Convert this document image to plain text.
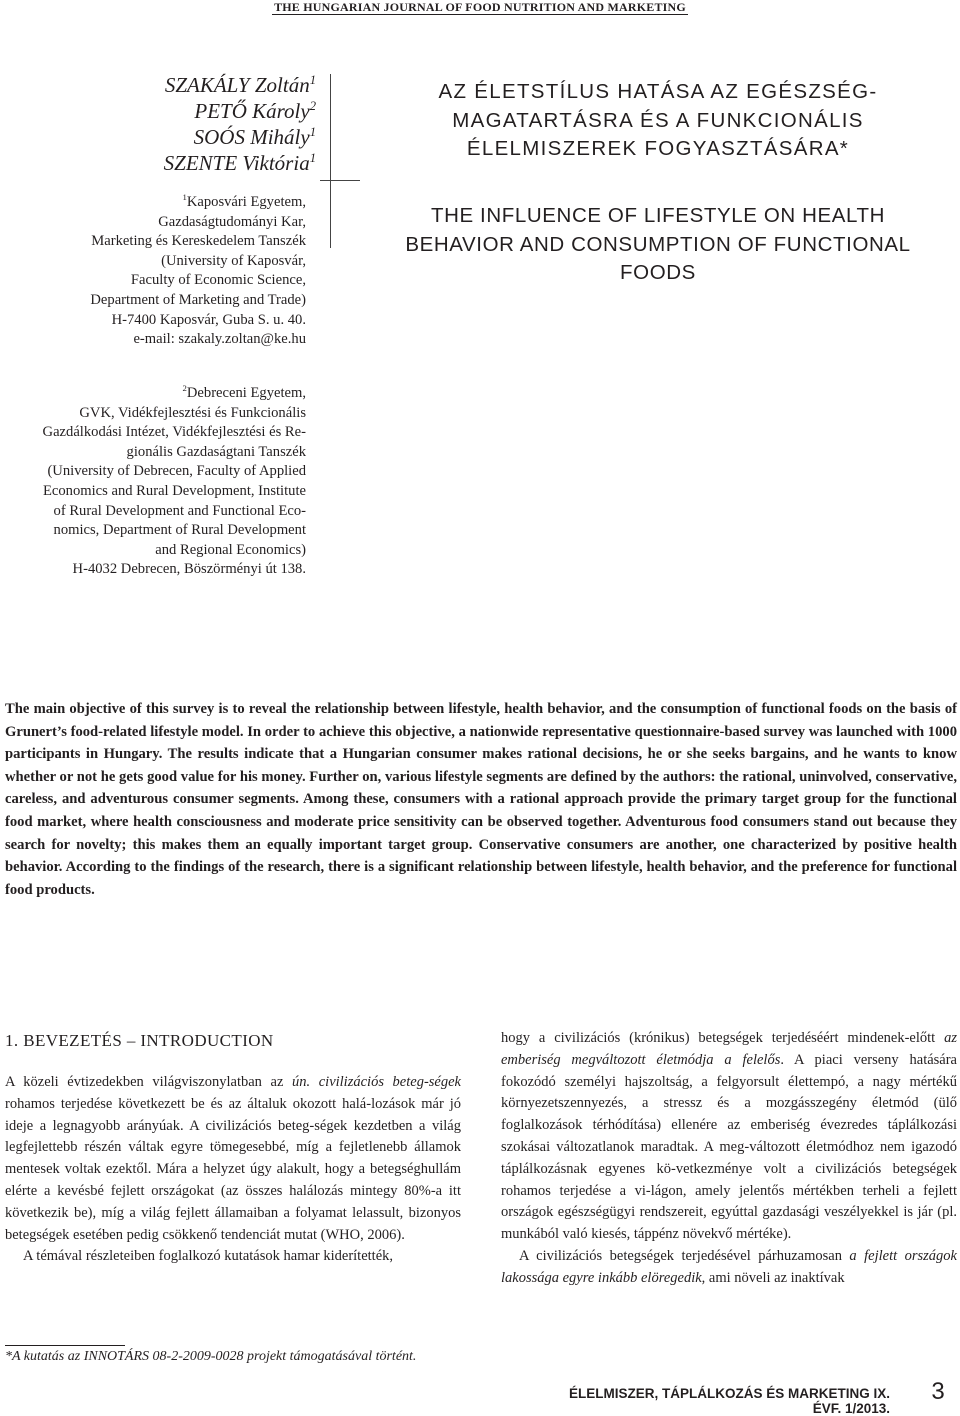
THE HUNGARIAN JOURNAL OF FOOD NUTRITION AND MARKETING
SZAKÁLY Zoltán$^1$
PETŐ Károly$^2$
SOÓS Mihály$^1$
SZENTE Viktória$^1$
$^1$Kaposvári Egyetem,
Gazdaságtudományi Kar,
Marketing és Kereskedelem Tanszék
(University of Kaposvár,
Faculty of Economic Science,
Department of Marketing and Trade)
H-7400 Kaposvár, Guba S. u. 40.
e-mail: szakaly.zoltan@ke.hu
$^2$Debreceni Egyetem,
GVK, Vidékfejlesztési és Funkcionális
Gazdálkodási Intézet, Vidékfejlesztési és Re-
gionális Gazdaságtani Tanszék
(University of Debrecen, Faculty of Applied
Economics and Rural Development, Institute
of Rural Development and Functional Eco-
nomics, Department of Rural Development
and Regional Economics)
H-4032 Debrecen, Böszörményi út 138.
AZ ÉLETSTÍLUS HATÁSA AZ EGÉSZSÉG-
MAGATARTÁSRA ÉS A FUNKCIONÁLIS
ÉLELMISZEREK FOGYASZTÁSÁRA*
THE INFLUENCE OF LIFESTYLE ON HEALTH
BEHAVIOR AND CONSUMPTION OF FUNCTIONAL
FOODS
The main objective of this survey is to reveal the relationship between lifestyle, health behavior, and the consumption of functional foods on the basis of Grunert’s food-related lifestyle model. In order to achieve this objective, a nationwide representative questionnaire-based survey was launched with 1000 participants in Hungary. The results indicate that a Hungarian consumer makes rational decisions, he or she seeks bargains, and he wants to know whether or not he gets good value for his money. Further on, various lifestyle segments are defined by the authors: the rational, uninvolved, conservative, careless, and adventurous consumer segments. Among these, consumers with a rational approach provide the primary target group for the functional food market, where health consciousness and moderate price sensitivity can be observed together. Adventurous food consumers stand out because they search for novelty; this makes them an equally important target group. Conservative consumers are another, one characterized by positive health behavior. According to the findings of the research, there is a significant relationship between lifestyle, health behavior, and the preference for functional food products.
1. BEVEZETÉS – INTRODUCTION

A közeli évtizedekben világviszonylatban az ún. civilizációs beteg-ségek rohamos terjedése következett be és az általuk okozott halá-lozások már jó ideje a legnagyobb arányúak. A civilizációs beteg-ségek kezdetben a világ legfejlettebb részén váltak egyre tömegesebbé, míg a fejletlenebb államok mentesek voltak ezektől. Mára a helyzet úgy alakult, hogy a betegséghullám elérte a kevésbé fejlett országokat (az összes halálozás mintegy 80%-a itt következik be), míg a világ fejlett államaiban a folyamat lelassult, bizonyos betegségek esetében pedig csökkenő tendenciát mutat (WHO, 2006).

A témával részleteiben foglalkozó kutatások hamar kiderítették,

hogy a civilizációs (krónikus) betegségek terjedéséért mindenek-előtt az emberiség megváltozott életmódja a felelős. A piaci verseny hatására fokozódó személyi hajszoltság, a felgyorsult élettempó, a nagy mértékű környezetszennyezés, a stressz és a mozgásszegény életmód (ülő foglalkozások térhódítása) ellenére az emberiség évezredes táplálkozási szokásai változatlanok maradtak. A meg-változott életmódhoz nem igazodó táplálkozásnak egyenes kö-vetkezménye volt a civilizációs betegségek rohamos terjedése a vi-lágon, amely jelentős mértékben terheli a fejlett országok egészségügyi rendszereit, egyúttal gazdasági veszélyekkel is jár (pl. munkából való kiesés, táppénz növekvő mértéke).

A civilizációs betegségek terjedésével párhuzamosan a fejlett országok lakossága egyre inkább elöregedik, ami növeli az inaktívak

*A kutatás az INNOTÁRS 08-2-2009-0028 projekt támogatásával történt.
ÉLELMISZER, TÁPLÁLKOZÁS ÉS MARKETING IX. ÉVF. 1/2013.
3
